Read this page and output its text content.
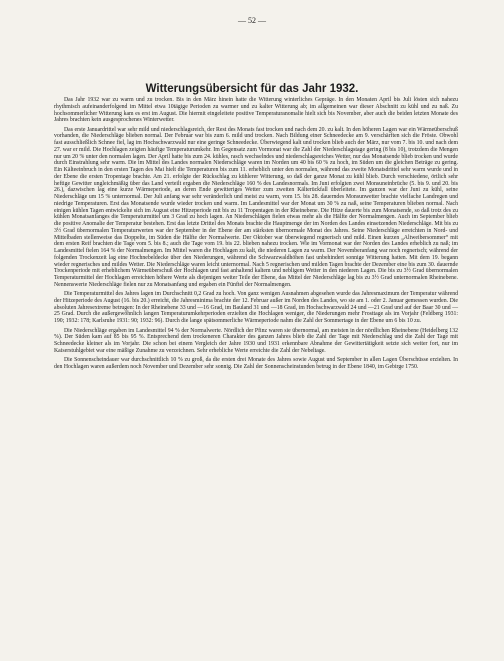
— 52 —
Witterungsübersicht für das Jahr 1932.

Das Jahr 1932 war zu warm und zu trocken. Bis in den März hinein hatte die Witterung winterliches Gepräge. In den Monaten April bis Juli lösten sich nahezu rhythmisch aufeinanderfolgend im Mittel etwa 10tägige Perioden zu warmer und zu kalter Witterung ab; im allgemeinen war dieser Abschnitt zu kühl und zu naß. Zu hochsommerlicher Witterung kam es erst im August. Die hiermit eingeleitete positive Temperaturanomalie hielt sich bis November, aber auch die beiden letzten Monate des Jahres brachten kein ausgesprochenes Winterwetter.

Das erste Januardrittel war sehr mild und niederschlagsreich, der Rest des Monats fast trocken und nach dem 20. zu kalt. In den höheren Lagen war ein Wärmeüberschuß vorhanden, die Niederschläge blieben normal. Der Februar war bis zum 6. mild und trocken. Nach Bildung einer Schneedecke am 9. verschärften sich die Fröste. Obwohl fast ausschließlich Schnee fiel, lag im Hochschwarzwald nur eine geringe Schneedecke. Überwiegend kalt und trocken blieb auch der März, nur vom 7. bis 10. und nach dem 27. war er mild. Die Hochlagen zeigten häufige Temperaturumkehr. Im Gegensatz zum Vormonat war die Zahl der Niederschlagstage gering (8 bis 10), trotzdem die Mengen nur um 20 % unter den normalen lagen. Der April hatte bis zum 24. kühles, rasch wechselndes und niederschlagsreiches Wetter, nur das Monatsende blieb trocken und wurde durch Einstrahlung sehr warm. Die im Mittel des Landes normalen Niederschläge waren im Norden um 40 bis 60 % zu hoch, im Süden um die gleichen Beträge zu gering. Ein Kälteeinbruch in den ersten Tagen des Mai hielt die Temperaturen bis zum 11. erheblich unter den normalen, während das zweite Monatsdrittel sehr warm wurde und in der Ebene die ersten Tropentage brachte. Am 21. erfolgte der Rückschlag zu kühlerer Witterung, so daß der ganze Monat zu kühl blieb. Durch verschiedene, örtlich sehr heftige Gewitter ungleichmäßig über das Land verteilt ergaben die Niederschläge 160 % des Landesnormals. Im Juni erfolgten zwei Monsuneinbrüche (5. bis 9. und 20. bis 26.), dazwischen lag eine kurze Wärmeperiode, an deren Ende gewitteriges Wetter zum zweiten Kälterückfall überleitete. Im ganzen war der Juni zu kühl, seine Niederschläge um 15 % unternormal. Der Juli anfang war sehr veränderlich und meist zu warm, vom 15. bis 28. dauerndes Monsunwetter brachte vielfache Landregen und niedrige Temperaturen. Erst das Monatsende wurde wieder trocken und warm. Im Landesmittel war der Monat um 30 % zu naß, seine Temperaturen blieben normal. Nach einigen kühlen Tagen entwickelte sich im August eine Hitzeperiode mit bis zu 11 Tropentagen in der Rheinebene. Die Hitze dauerte bis zum Monatsende, so daß trotz des zu kühlen Monatsanfanges die Temperaturmittel um 3 Grad zu hoch lagen. An Niederschlägen fielen etwas mehr als die Hälfte der Normalmengen. Auch im September blieb die positive Anomalie der Temperatur bestehen. Erst das letzte Drittel des Monats brachte die Hauptmenge der im Norden des Landes einsetzenden Niederschläge. Mit bis zu 3½ Grad übernormalen Temperaturwerten war der September in der Ebene der am stärksten übernormale Monat des Jahres. Seine Niederschläge erreichten in Nord- und Mittelbaden stellenweise das Doppelte, im Süden die Hälfte der Normalwerte. Der Oktober war überwiegend regnerisch und mild. Einen kurzen „Altweibersommer“ mit dem ersten Reif brachten die Tage vom 5. bis 8.; auch die Tage vom 19. bis 22. blieben nahezu trocken. Wie im Vormonat war der Norden des Landes erheblich zu naß; im Landesmittel fielen 164 % der Normalmengen. Im Mittel waren die Hochlagen zu kalt, die niederen Lagen zu warm. Der Novemberanfang war noch regnerisch; während der folgenden Trockenzeit lag eine Hochnebeldecke über den Niederungen, während die Schwarzwaldhöhen fast unbehindert sonnige Witterung hatten. Mit dem 19. begann wieder regnerisches und mildes Wetter. Die Niederschläge waren leicht unternormal. Nach 5 regnerischen und milden Tagen brachte der Dezember eine bis zum 30. dauernde Trockenperiode mit erheblichem Wärmeüberschuß der Hochlagen und fast anhaltend kaltem und nebligem Wetter in den niederen Lagen. Die bis zu 3½ Grad übernormalen Temperaturmittel der Hochlagen erreichten höhere Werte als diejenigen weiter Teile der Ebene, das Mittel der Niederschläge lag bis zu 3½ Grad unternormalen Rheinebene. Nennenswerte Niederschläge fielen nur zu Monatsanfang und ergaben ein Fünftel der Normalmengen.

Die Temperaturmittel des Jahres lagen im Durchschnitt 0,2 Grad zu hoch. Von ganz wenigen Ausnahmen abgesehen wurde das Jahresmaximum der Temperatur während der Hitzeperiode des August (16. bis 20.) erreicht, die Jahresminima brachte der 12. Februar außer im Norden des Landes, wo sie am 1. oder 2. Januar gemessen wurden. Die absoluten Jahresextreme betrugen: In der Rheinebene 33 und —16 Grad, im Bauland 31 und —18 Grad, im Hochschwarzwald 24 und —21 Grad und auf der Baar 30 und —25 Grad. Durch die außergewöhnlich langen Temperaturumkehrperioden erzielten die Hochlagen weniger, die Niederungen mehr Frosttage als im Vorjahr (Feldberg 1931: 190; 1932: 178; Karlsruhe 1931: 90; 1932: 96). Durch die lange spätsommerliche Wärmeperiode nahm die Zahl der Sommertage in der Ebene um 6 bis 10 zu.

Die Niederschläge ergaben im Landesmittel 94 % der Normalwerte. Nördlich der Pfinz waren sie übernormal, am meisten in der nördlichen Rheinebene (Heidelberg 132 %). Der Süden kam auf 85 bis 95 %. Entsprechend dem trockeneren Charakter des ganzen Jahres blieb die Zahl der Tage mit Niederschlag und die Zahl der Tage mit Schneedecke kleiner als im Vorjahr. Die schon bei einem Vergleich der Jahre 1930 und 1931 erkennbare Abnahme der Gewittertätigkeit setzte sich weiter fort, nur im Kaiserstuhlgebiet war eine mäßige Zunahme zu verzeichnen. Sehr erhebliche Werte erreichte die Zahl der Nebeltage.

Die Sonnenscheindauer war durchschnittlich 10 % zu groß, da die ersten drei Monate des Jahres sowie August und September in allen Lagen Überschüsse erzielten. In den Hochlagen waren außerdem noch November und Dezember sehr sonnig. Die Zahl der Sonnenscheinstunden betrug in der Ebene 1840, im Gebirge 1750.
